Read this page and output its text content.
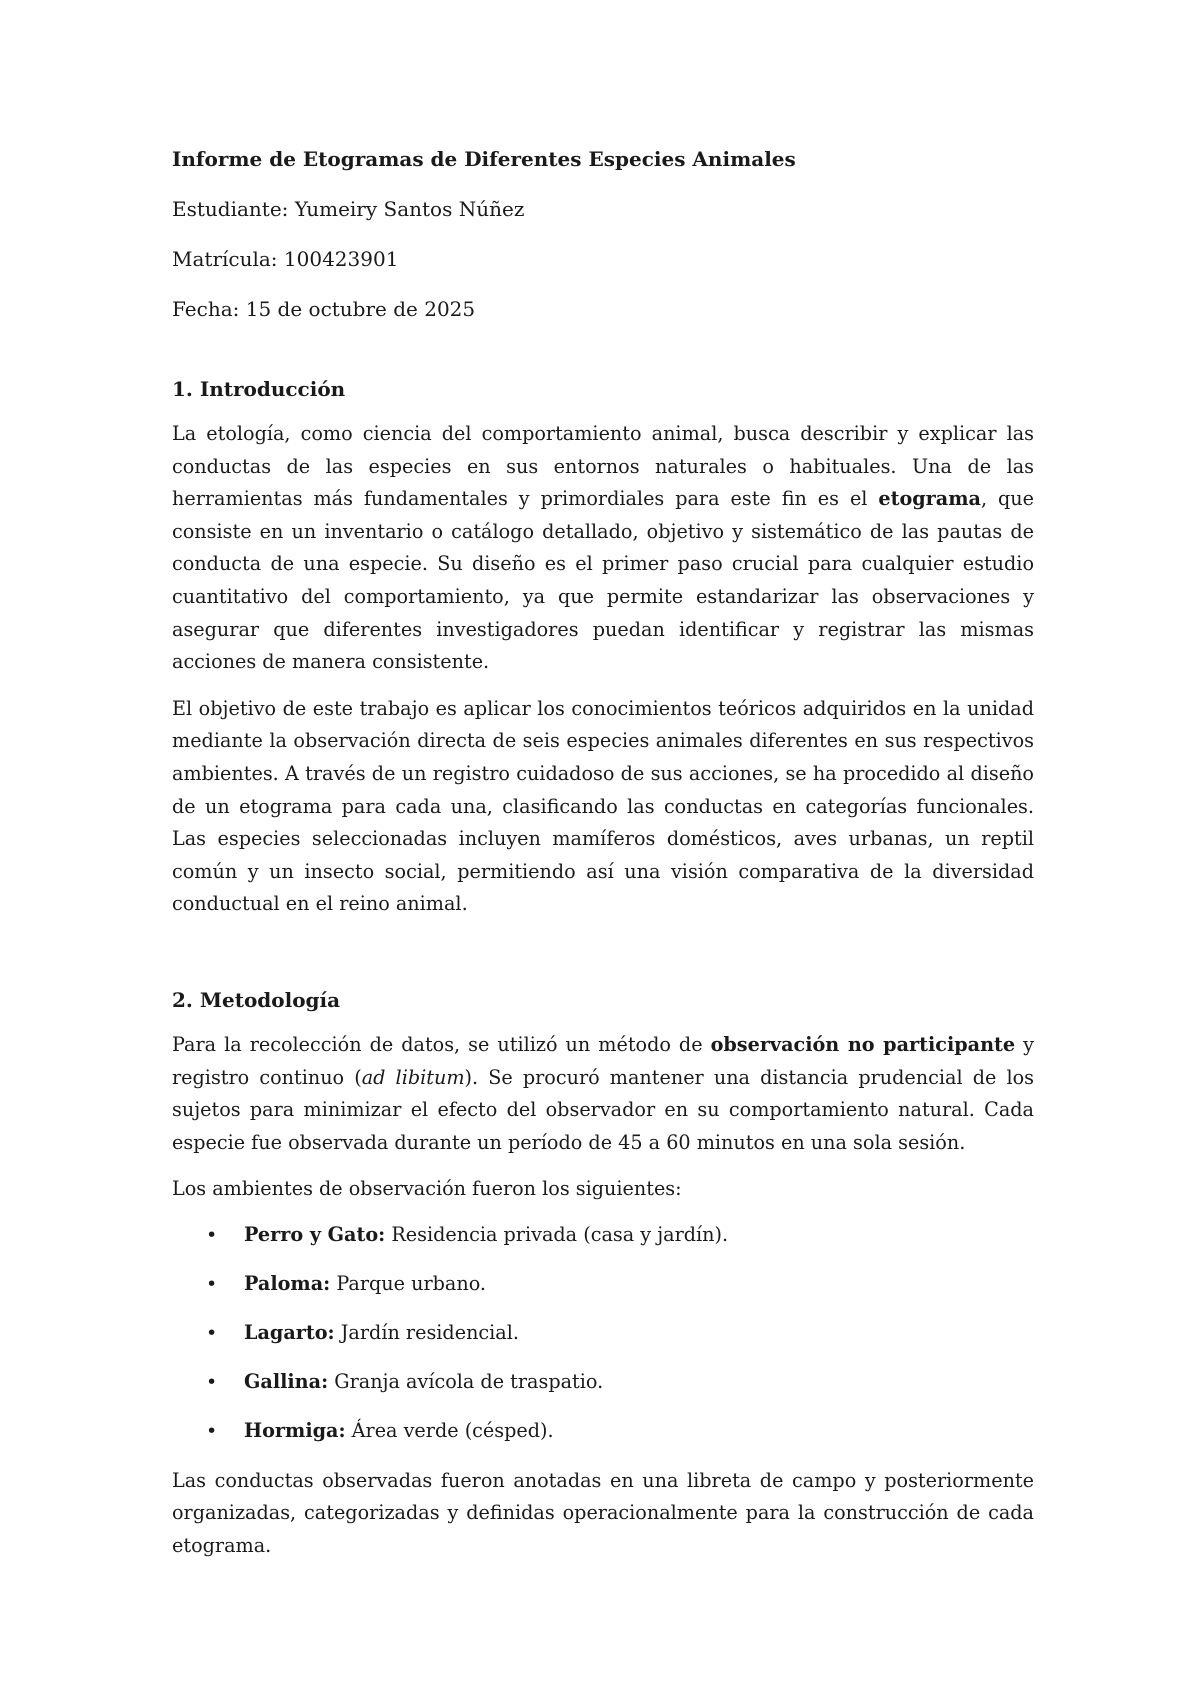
Informe de Etogramas de Diferentes Especies Animales

Estudiante: Yumeiry Santos Núñez

Matrícula: 100423901

Fecha: 15 de octubre de 2025

1. Introducción

La etología, como ciencia del comportamiento animal, busca describir y explicar las conductas de las especies en sus entornos naturales o habituales. Una de las herramientas más fundamentales y primordiales para este fin es el etograma, que consiste en un inventario o catálogo detallado, objetivo y sistemático de las pautas de conducta de una especie. Su diseño es el primer paso crucial para cualquier estudio cuantitativo del comportamiento, ya que permite estandarizar las observaciones y asegurar que diferentes investigadores puedan identificar y registrar las mismas acciones de manera consistente.

El objetivo de este trabajo es aplicar los conocimientos teóricos adquiridos en la unidad mediante la observación directa de seis especies animales diferentes en sus respectivos ambientes. A través de un registro cuidadoso de sus acciones, se ha procedido al diseño de un etograma para cada una, clasificando las conductas en categorías funcionales. Las especies seleccionadas incluyen mamíferos domésticos, aves urbanas, un reptil común y un insecto social, permitiendo así una visión comparativa de la diversidad conductual en el reino animal.

2. Metodología

Para la recolección de datos, se utilizó un método de observación no participante y registro continuo (ad libitum). Se procuró mantener una distancia prudencial de los sujetos para minimizar el efecto del observador en su comportamiento natural. Cada especie fue observada durante un período de 45 a 60 minutos en una sola sesión.

Los ambientes de observación fueron los siguientes:

• Perro y Gato: Residencia privada (casa y jardín).
• Paloma: Parque urbano.
• Lagarto: Jardín residencial.
• Gallina: Granja avícola de traspatio.
• Hormiga: Área verde (césped).

Las conductas observadas fueron anotadas en una libreta de campo y posteriormente organizadas, categorizadas y definidas operacionalmente para la construcción de cada etograma.
